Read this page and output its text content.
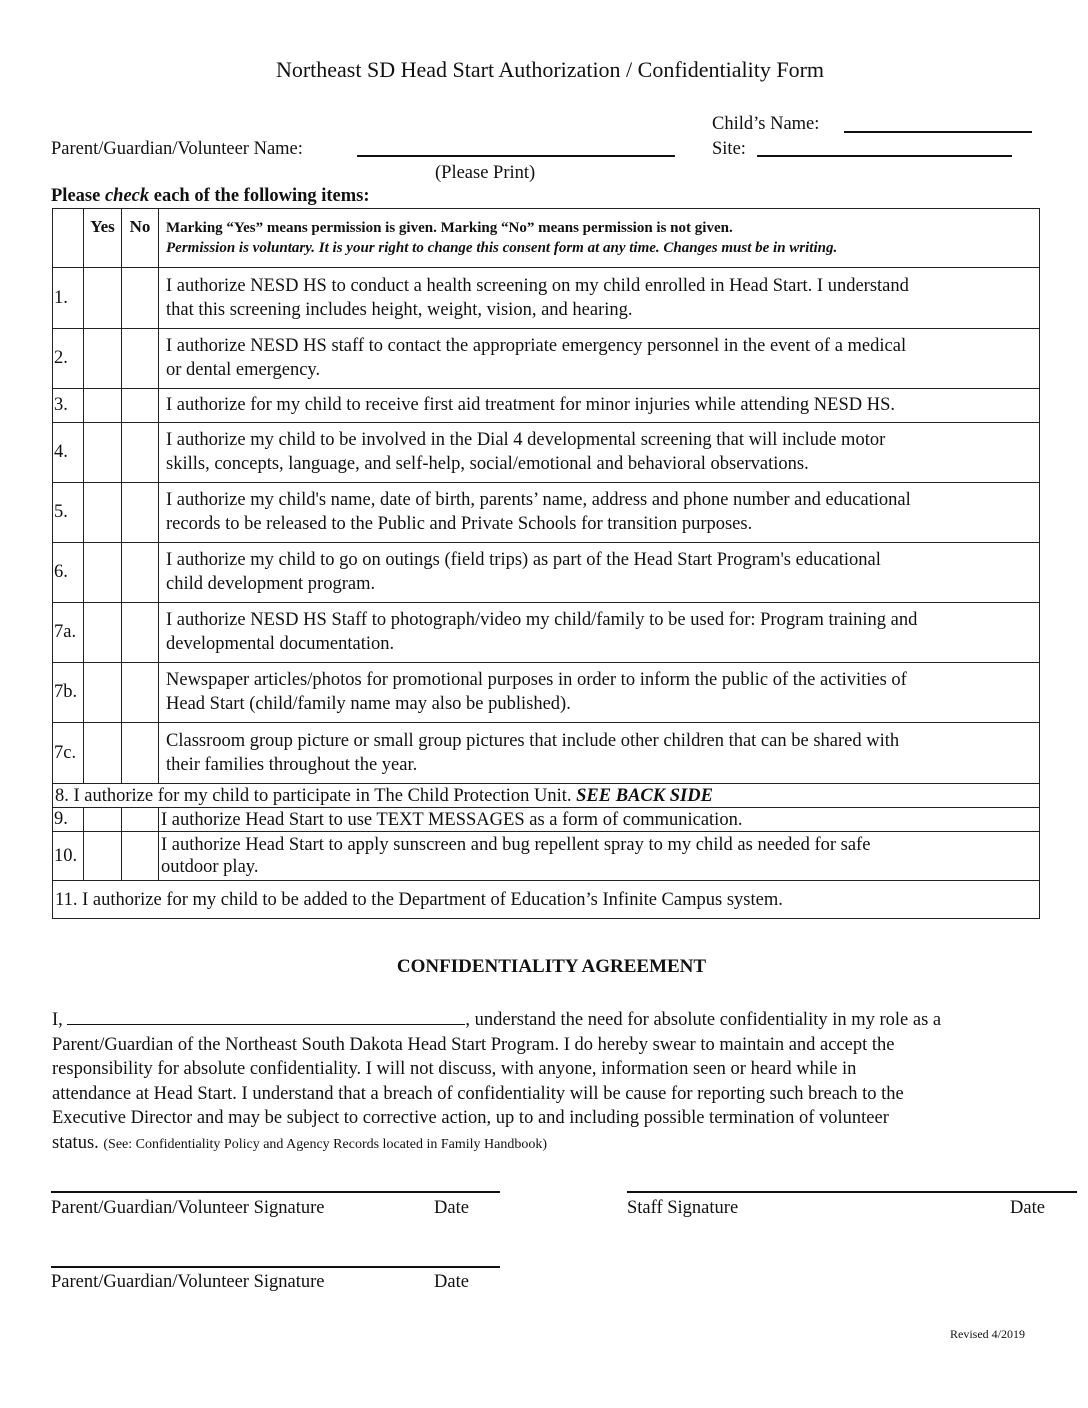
Northeast SD Head Start Authorization / Confidentiality Form
Child’s Name:
Parent/Guardian/Volunteer Name:	Site:
(Please Print)
Please check each of the following items:
	Yes	No	Marking “Yes” means permission is given. Marking “No” means permission is not given.
Permission is voluntary. It is your right to change this consent form at any time. Changes must be in writing.

1.			I authorize NESD HS to conduct a health screening on my child enrolled in Head Start. I understand
that this screening includes height, weight, vision, and hearing.

2.			I authorize NESD HS staff to contact the appropriate emergency personnel in the event of a medical
or dental emergency.

3.			I authorize for my child to receive first aid treatment for minor injuries while attending NESD HS.

4.			I authorize my child to be involved in the Dial 4 developmental screening that will include motor
skills, concepts, language, and self-help, social/emotional and behavioral observations.

5.			I authorize my child's name, date of birth, parents’ name, address and phone number and educational
records to be released to the Public and Private Schools for transition purposes.

6.			I authorize my child to go on outings (field trips) as part of the Head Start Program's educational
child development program.

7a.			I authorize NESD HS Staff to photograph/video my child/family to be used for: Program training and
developmental documentation.

7b.			Newspaper articles/photos for promotional purposes in order to inform the public of the activities of
Head Start (child/family name may also be published).

7c.			Classroom group picture or small group pictures that include other children that can be shared with
their families throughout the year.

8. I authorize for my child to participate in The Child Protection Unit. SEE BACK SIDE			
9.			I authorize Head Start to use TEXT MESSAGES as a form of communication.
10.			I authorize Head Start to apply sunscreen and bug repellent spray to my child as needed for safe
outdoor play.

11. I authorize for my child to be added to the Department of Education’s Infinite Campus system.			
CONFIDENTIALITY AGREEMENT
I,	, understand the need for absolute confidentiality in my role as a
Parent/Guardian of the Northeast South Dakota Head Start Program. I do hereby swear to maintain and accept the
responsibility for absolute confidentiality. I will not discuss, with anyone, information seen or heard while in
attendance at Head Start. I understand that a breach of confidentiality will be cause for reporting such breach to the
Executive Director and may be subject to corrective action, up to and including possible termination of volunteer
status. (See: Confidentiality Policy and Agency Records located in Family Handbook)
Parent/Guardian/Volunteer Signature	Date	Staff Signature	Date
Parent/Guardian/Volunteer Signature	Date
Revised 4/2019
